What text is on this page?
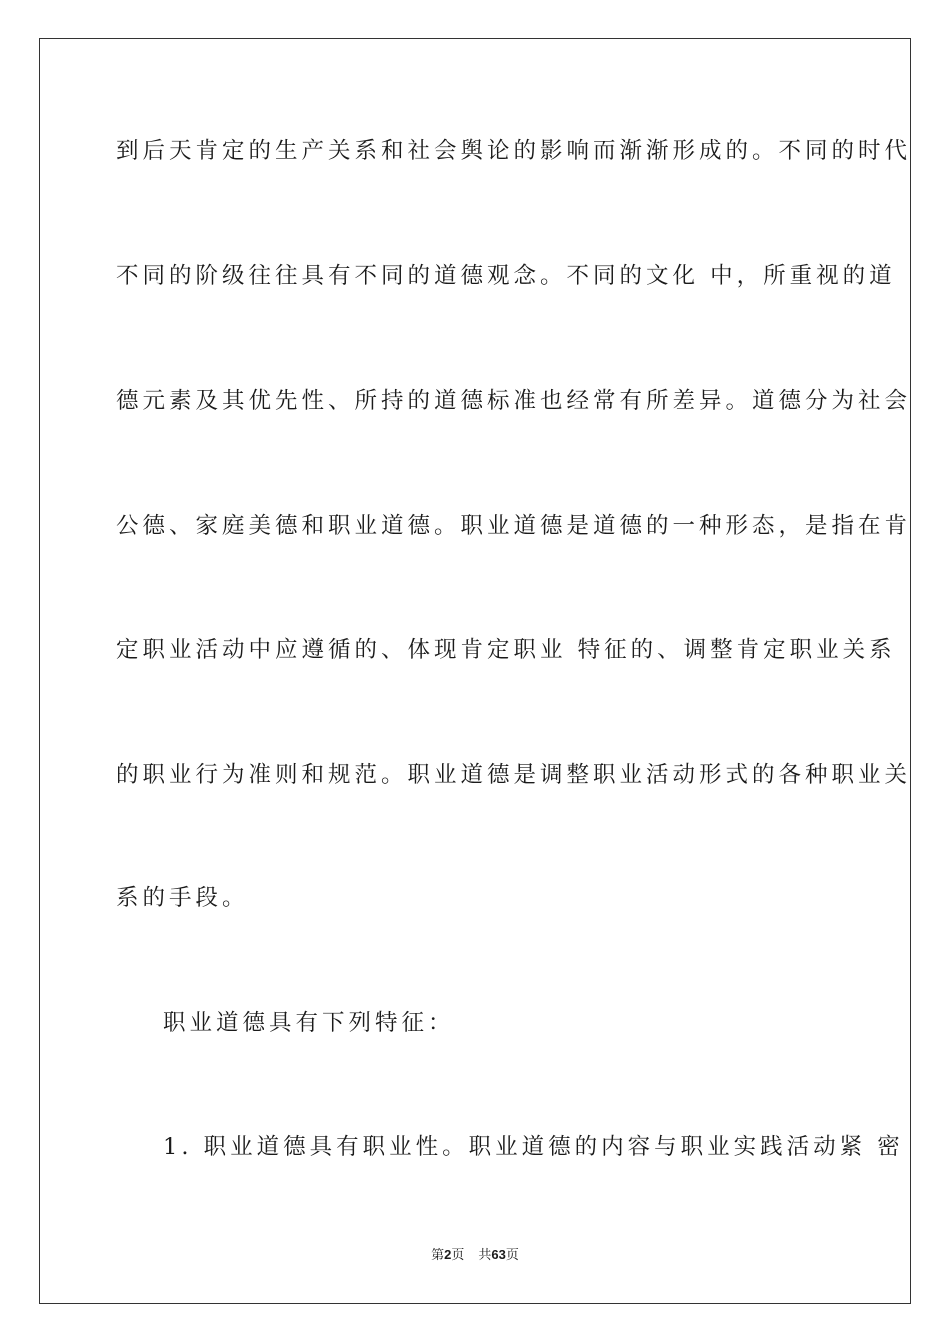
到后天肯定的生产关系和社会舆论的影响而渐渐形成的。不同的时代
不同的阶级往往具有不同的道德观念。不同的文化 中，所重视的道
德元素及其优先性、所持的道德标准也经常有所差异。道德分为社会
公德、家庭美德和职业道德。职业道德是道德的一种形态，是指在肯
定职业活动中应遵循的、体现肯定职业 特征的、调整肯定职业关系
的职业行为准则和规范。职业道德是调整职业活动形式的各种职业关
系的手段。
职业道德具有下列特征：
1. 职业道德具有职业性。职业道德的内容与职业实践活动紧 密
第2页 共63页
